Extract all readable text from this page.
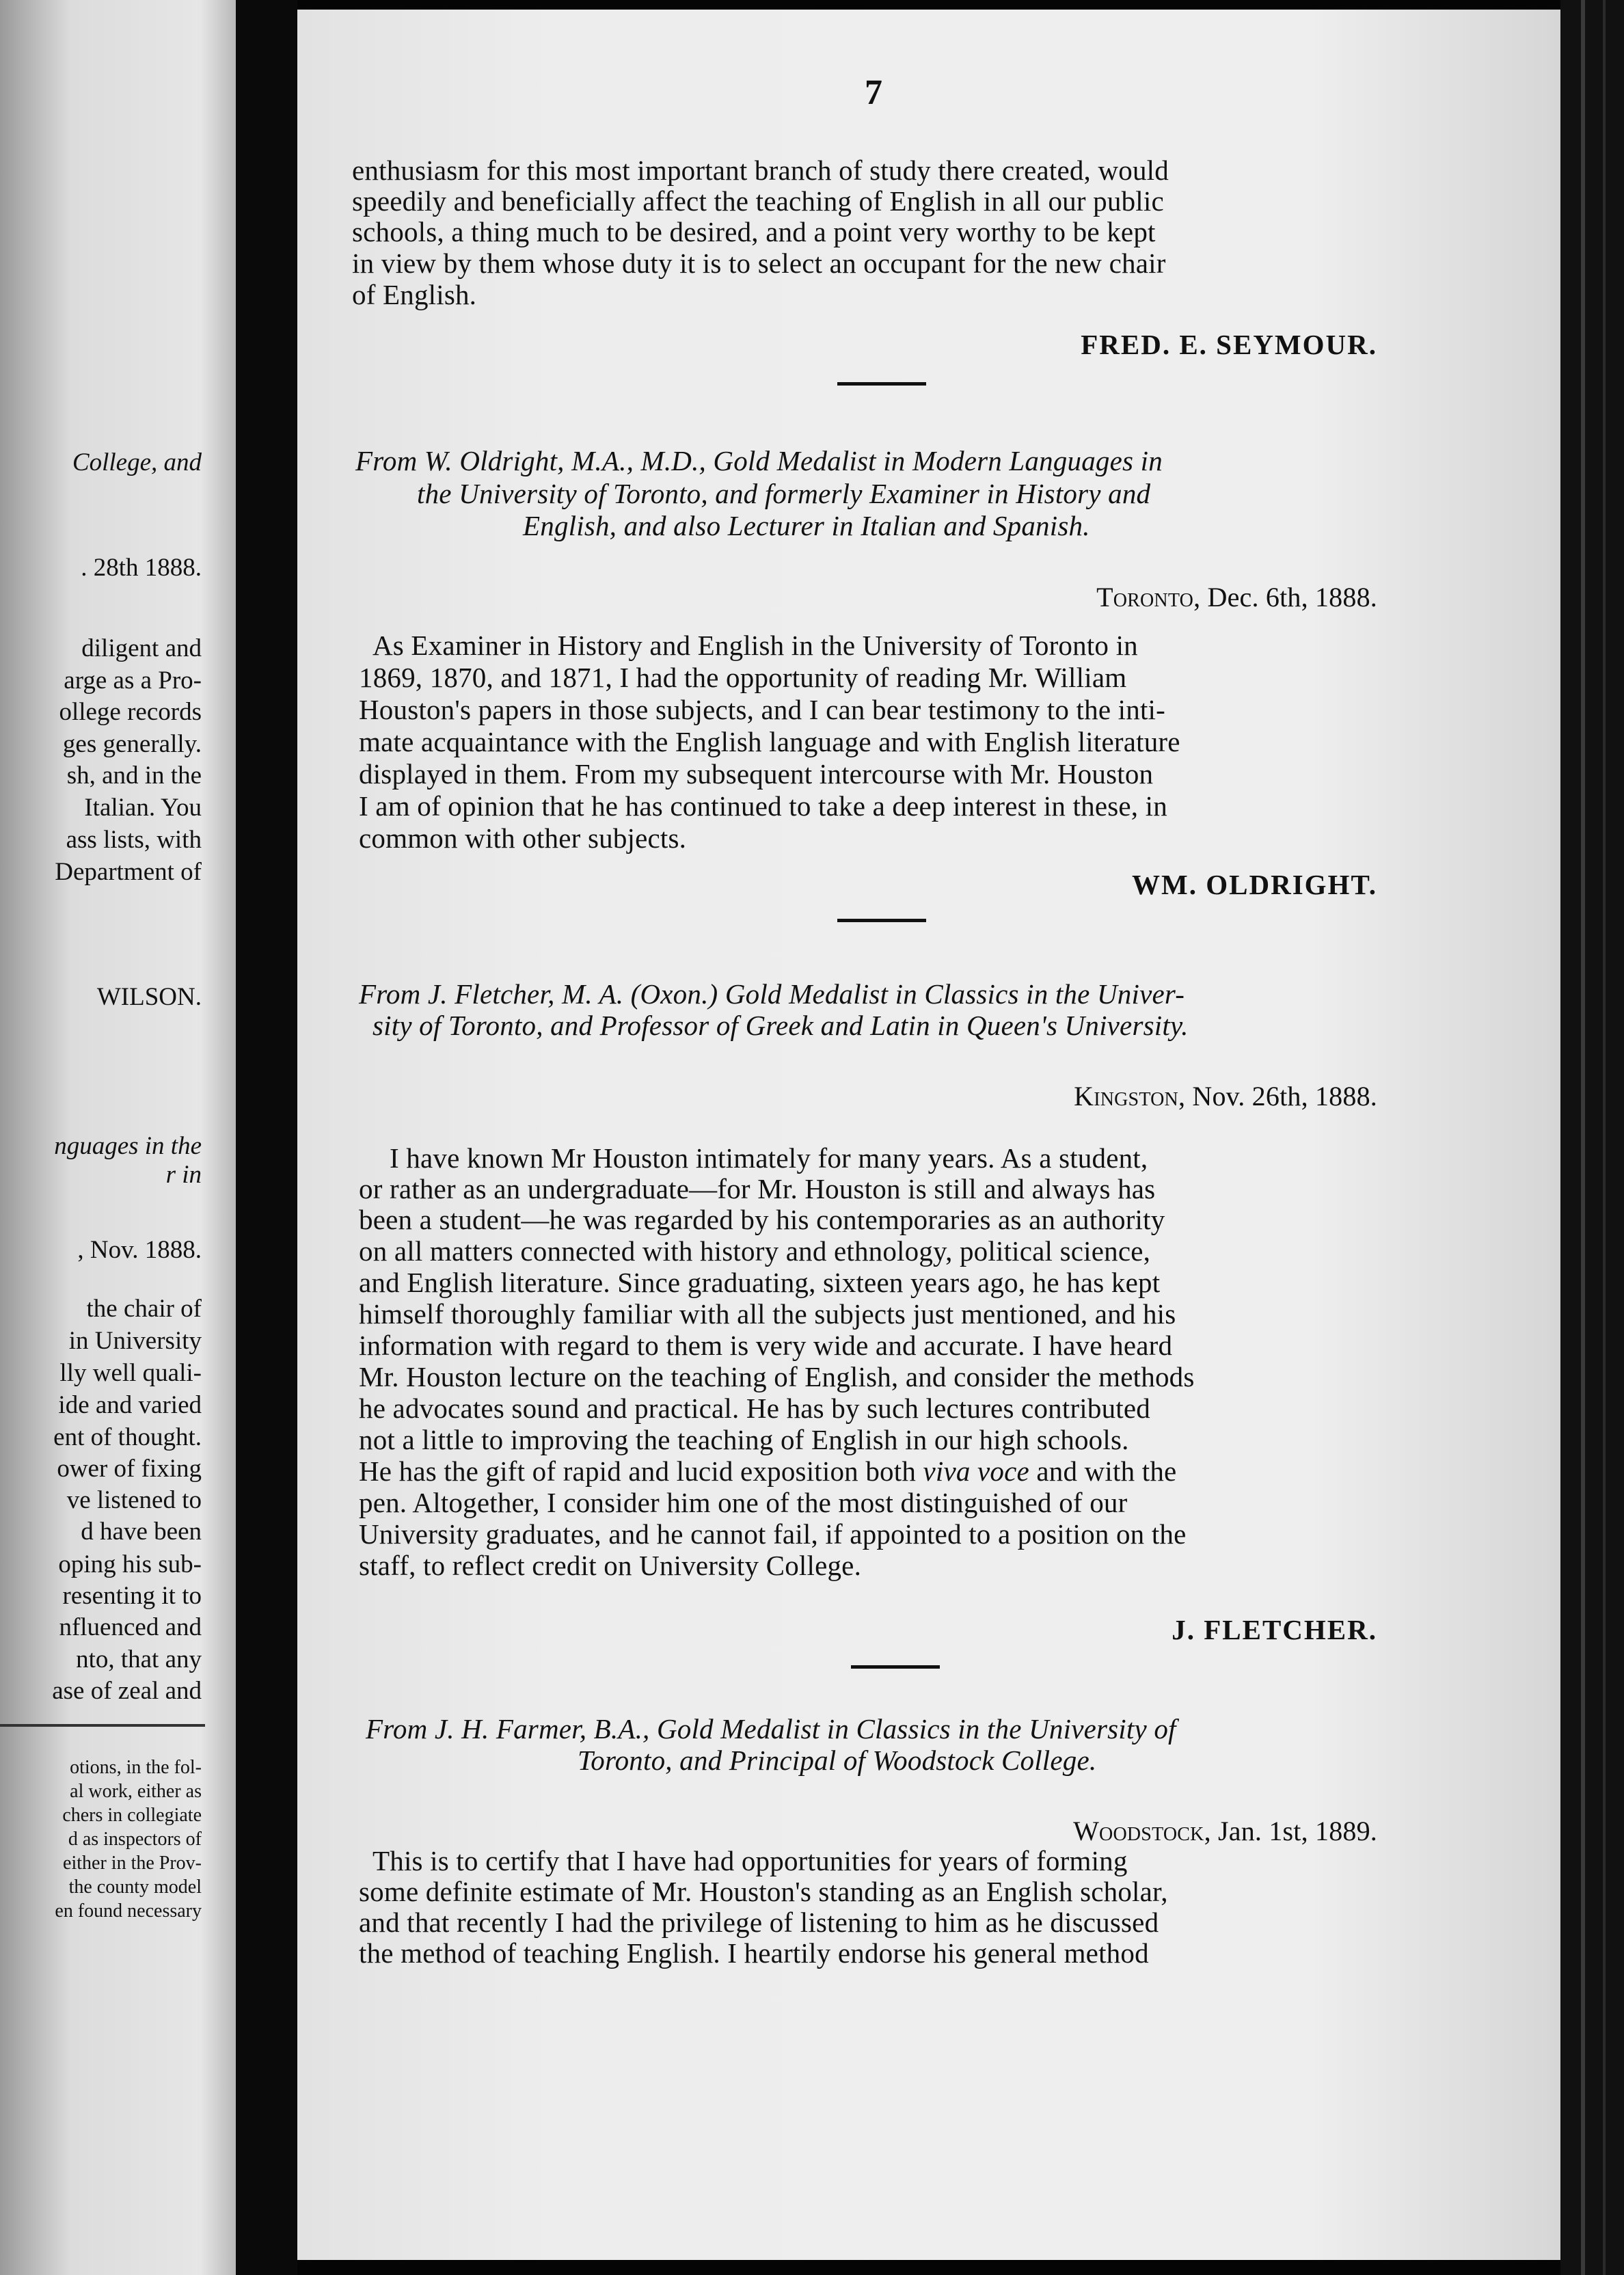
College, and
. 28th 1888.
diligent and
arge as a Pro-
ollege records
ges generally.
sh, and in the
Italian. You
ass lists, with
Department of
WILSON.
nguages in the
r in
, Nov. 1888.
the chair of
in University
lly well quali-
ide and varied
ent of thought.
ower of fixing
ve listened to
d have been
oping his sub-
resenting it to
nfluenced and
nto, that any
ase of zeal and
otions, in the fol-
al work, either as
chers in collegiate
d as inspectors of
either in the Prov-
the county model
en found necessary
7
enthusiasm for this most important branch of study there created, would
speedily and beneficially affect the teaching of English in all our public
schools, a thing much to be desired, and a point very worthy to be kept
in view by them whose duty it is to select an occupant for the new chair
of English.
FRED. E. SEYMOUR.
From W. Oldright, M.A., M.D., Gold Medalist in Modern Languages in
the University of Toronto, and formerly Examiner in History and
English, and also Lecturer in Italian and Spanish.
Toronto, Dec. 6th, 1888.
As Examiner in History and English in the University of Toronto in
1869, 1870, and 1871, I had the opportunity of reading Mr. William
Houston's papers in those subjects, and I can bear testimony to the inti-
mate acquaintance with the English language and with English literature
displayed in them. From my subsequent intercourse with Mr. Houston
I am of opinion that he has continued to take a deep interest in these, in
common with other subjects.
WM. OLDRIGHT.
From J. Fletcher, M. A. (Oxon.) Gold Medalist in Classics in the Univer-
sity of Toronto, and Professor of Greek and Latin in Queen's University.
Kingston, Nov. 26th, 1888.
I have known Mr Houston intimately for many years. As a student,
or rather as an undergraduate—for Mr. Houston is still and always has
been a student—he was regarded by his contemporaries as an authority
on all matters connected with history and ethnology, political science,
and English literature. Since graduating, sixteen years ago, he has kept
himself thoroughly familiar with all the subjects just mentioned, and his
information with regard to them is very wide and accurate. I have heard
Mr. Houston lecture on the teaching of English, and consider the methods
he advocates sound and practical. He has by such lectures contributed
not a little to improving the teaching of English in our high schools.
He has the gift of rapid and lucid exposition both viva voce and with the
pen. Altogether, I consider him one of the most distinguished of our
University graduates, and he cannot fail, if appointed to a position on the
staff, to reflect credit on University College.
J. FLETCHER.
From J. H. Farmer, B.A., Gold Medalist in Classics in the University of
Toronto, and Principal of Woodstock College.
Woodstock, Jan. 1st, 1889.
This is to certify that I have had opportunities for years of forming
some definite estimate of Mr. Houston's standing as an English scholar,
and that recently I had the privilege of listening to him as he discussed
the method of teaching English. I heartily endorse his general method
